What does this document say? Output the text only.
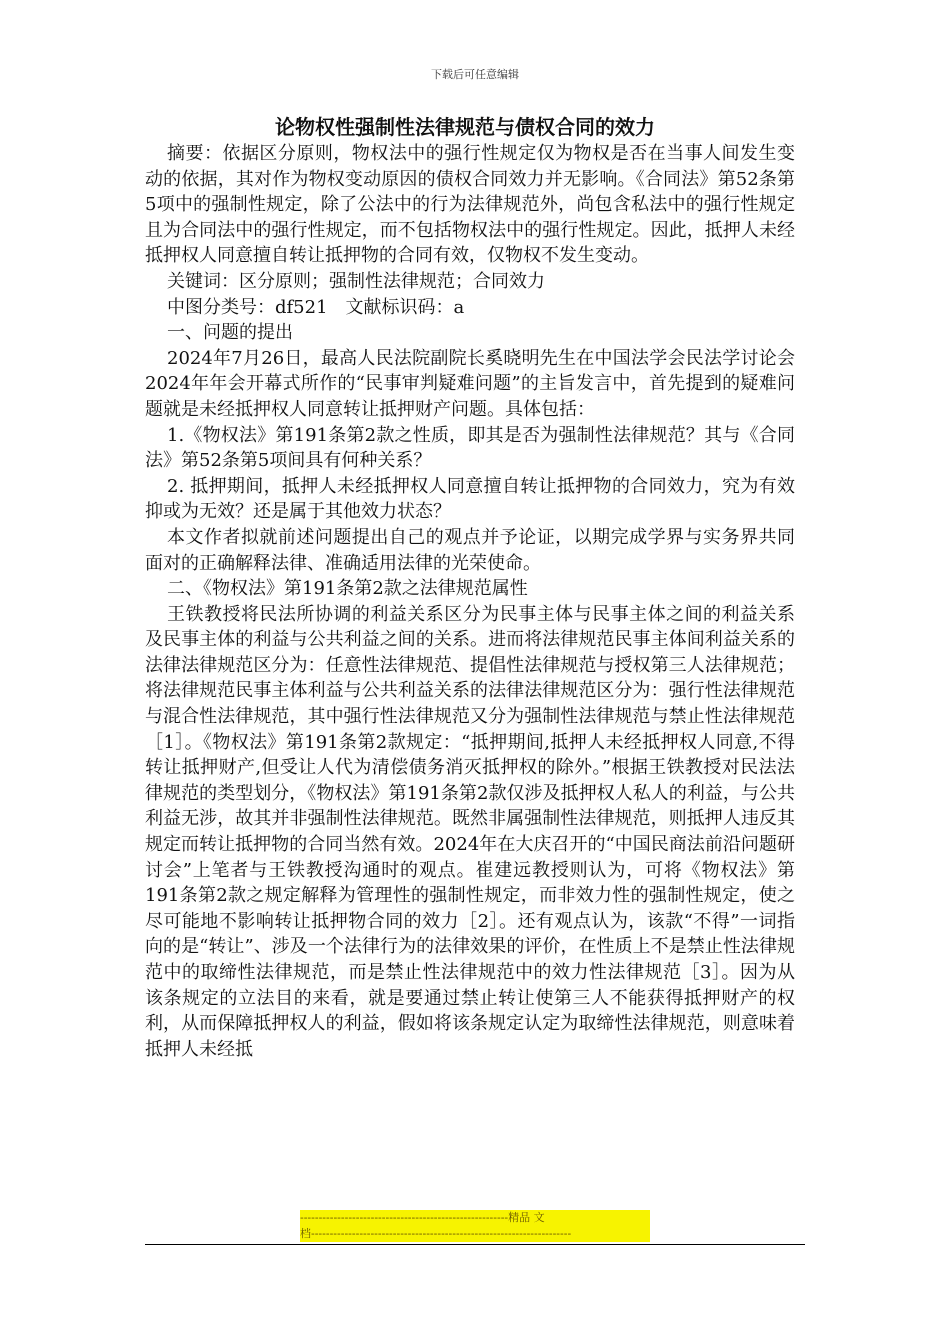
下载后可任意编辑
论物权性强制性法律规范与债权合同的效力

摘要：依据区分原则，物权法中的强行性规定仅为物权是否在当事人间发生变动的依据，其对作为物权变动原因的债权合同效力并无影响。《合同法》第52条第5项中的强制性规定，除了公法中的行为法律规范外，尚包含私法中的强行性规定且为合同法中的强行性规定，而不包括物权法中的强行性规定。因此，抵押人未经抵押权人同意擅自转让抵押物的合同有效，仅物权不发生变动。

关键词：区分原则；强制性法律规范；合同效力

中图分类号：df521　文献标识码：a

一、问题的提出

2024年7月26日，最高人民法院副院长奚晓明先生在中国法学会民法学讨论会2024年年会开幕式所作的“民事审判疑难问题”的主旨发言中，首先提到的疑难问题就是未经抵押权人同意转让抵押财产问题。具体包括：

1.《物权法》第191条第2款之性质，即其是否为强制性法律规范？其与《合同法》第52条第5项间具有何种关系？

2. 抵押期间，抵押人未经抵押权人同意擅自转让抵押物的合同效力，究为有效抑或为无效？还是属于其他效力状态？

本文作者拟就前述问题提出自己的观点并予论证，以期完成学界与实务界共同面对的正确解释法律、准确适用法律的光荣使命。

二、《物权法》第191条第2款之法律规范属性

王铁教授将民法所协调的利益关系区分为民事主体与民事主体之间的利益关系及民事主体的利益与公共利益之间的关系。进而将法律规范民事主体间利益关系的法律法律规范区分为：任意性法律规范、提倡性法律规范与授权第三人法律规范；将法律规范民事主体利益与公共利益关系的法律法律规范区分为：强行性法律规范与混合性法律规范，其中强行性法律规范又分为强制性法律规范与禁止性法律规范［1］。《物权法》第191条第2款规定：“抵押期间,抵押人未经抵押权人同意,不得转让抵押财产,但受让人代为清偿债务消灭抵押权的除外。”根据王铁教授对民法法律规范的类型划分，《物权法》第191条第2款仅涉及抵押权人私人的利益，与公共利益无涉，故其并非强制性法律规范。既然非属强制性法律规范，则抵押人违反其规定而转让抵押物的合同当然有效。2024年在大庆召开的“中国民商法前沿问题研讨会”上笔者与王铁教授沟通时的观点。崔建远教授则认为，可将《物权法》第191条第2款之规定解释为管理性的强制性规定，而非效力性的强制性规定，使之尽可能地不影响转让抵押物合同的效力［2］。还有观点认为，该款“不得”一词指向的是“转让”、涉及一个法律行为的法律效果的评价，在性质上不是禁止性法律规范中的取缔性法律规范，而是禁止性法律规范中的效力性法律规范［3］。因为从该条规定的立法目的来看，就是要通过禁止转让使第三人不能获得抵押财产的权利，从而保障抵押权人的利益，假如将该条规定认定为取缔性法律规范，则意味着抵押人未经抵

--------------------------------------------------------精品 文
档----------------------------------------------------------------------
